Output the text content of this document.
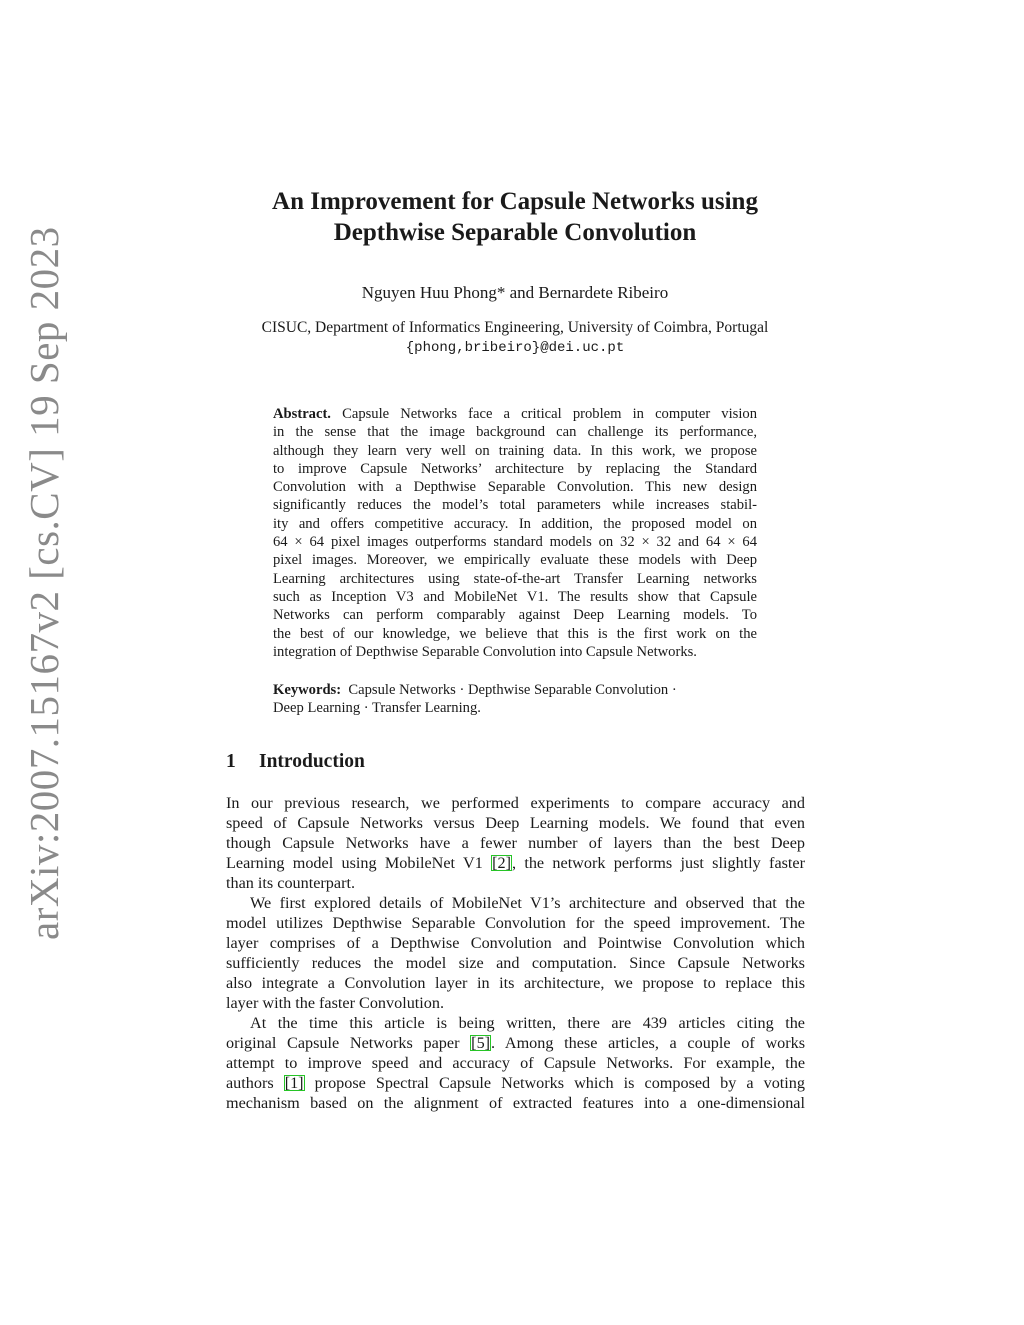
arXiv:2007.15167v2 [cs.CV] 19 Sep 2023
An Improvement for Capsule Networks using
Depthwise Separable Convolution
Nguyen Huu Phong* and Bernardete Ribeiro
CISUC, Department of Informatics Engineering, University of Coimbra, Portugal
{phong,bribeiro}@dei.uc.pt
Abstract. Capsule Networks face a critical problem in computer vision
in the sense that the image background can challenge its performance,
although they learn very well on training data. In this work, we propose
to improve Capsule Networks’ architecture by replacing the Standard
Convolution with a Depthwise Separable Convolution. This new design
significantly reduces the model’s total parameters while increases stabil-
ity and offers competitive accuracy. In addition, the proposed model on
64 × 64 pixel images outperforms standard models on 32 × 32 and 64 × 64
pixel images. Moreover, we empirically evaluate these models with Deep
Learning architectures using state-of-the-art Transfer Learning networks
such as Inception V3 and MobileNet V1. The results show that Capsule
Networks can perform comparably against Deep Learning models. To
the best of our knowledge, we believe that this is the first work on the
integration of Depthwise Separable Convolution into Capsule Networks.
Keywords: Capsule Networks · Depthwise Separable Convolution ·
Deep Learning · Transfer Learning.
1 Introduction
In our previous research, we performed experiments to compare accuracy and
speed of Capsule Networks versus Deep Learning models. We found that even
though Capsule Networks have a fewer number of layers than the best Deep
Learning model using MobileNet V1 [2], the network performs just slightly faster
than its counterpart.
We first explored details of MobileNet V1’s architecture and observed that the
model utilizes Depthwise Separable Convolution for the speed improvement. The
layer comprises of a Depthwise Convolution and Pointwise Convolution which
sufficiently reduces the model size and computation. Since Capsule Networks
also integrate a Convolution layer in its architecture, we propose to replace this
layer with the faster Convolution.
At the time this article is being written, there are 439 articles citing the
original Capsule Networks paper [5]. Among these articles, a couple of works
attempt to improve speed and accuracy of Capsule Networks. For example, the
authors [1] propose Spectral Capsule Networks which is composed by a voting
mechanism based on the alignment of extracted features into a one-dimensional
